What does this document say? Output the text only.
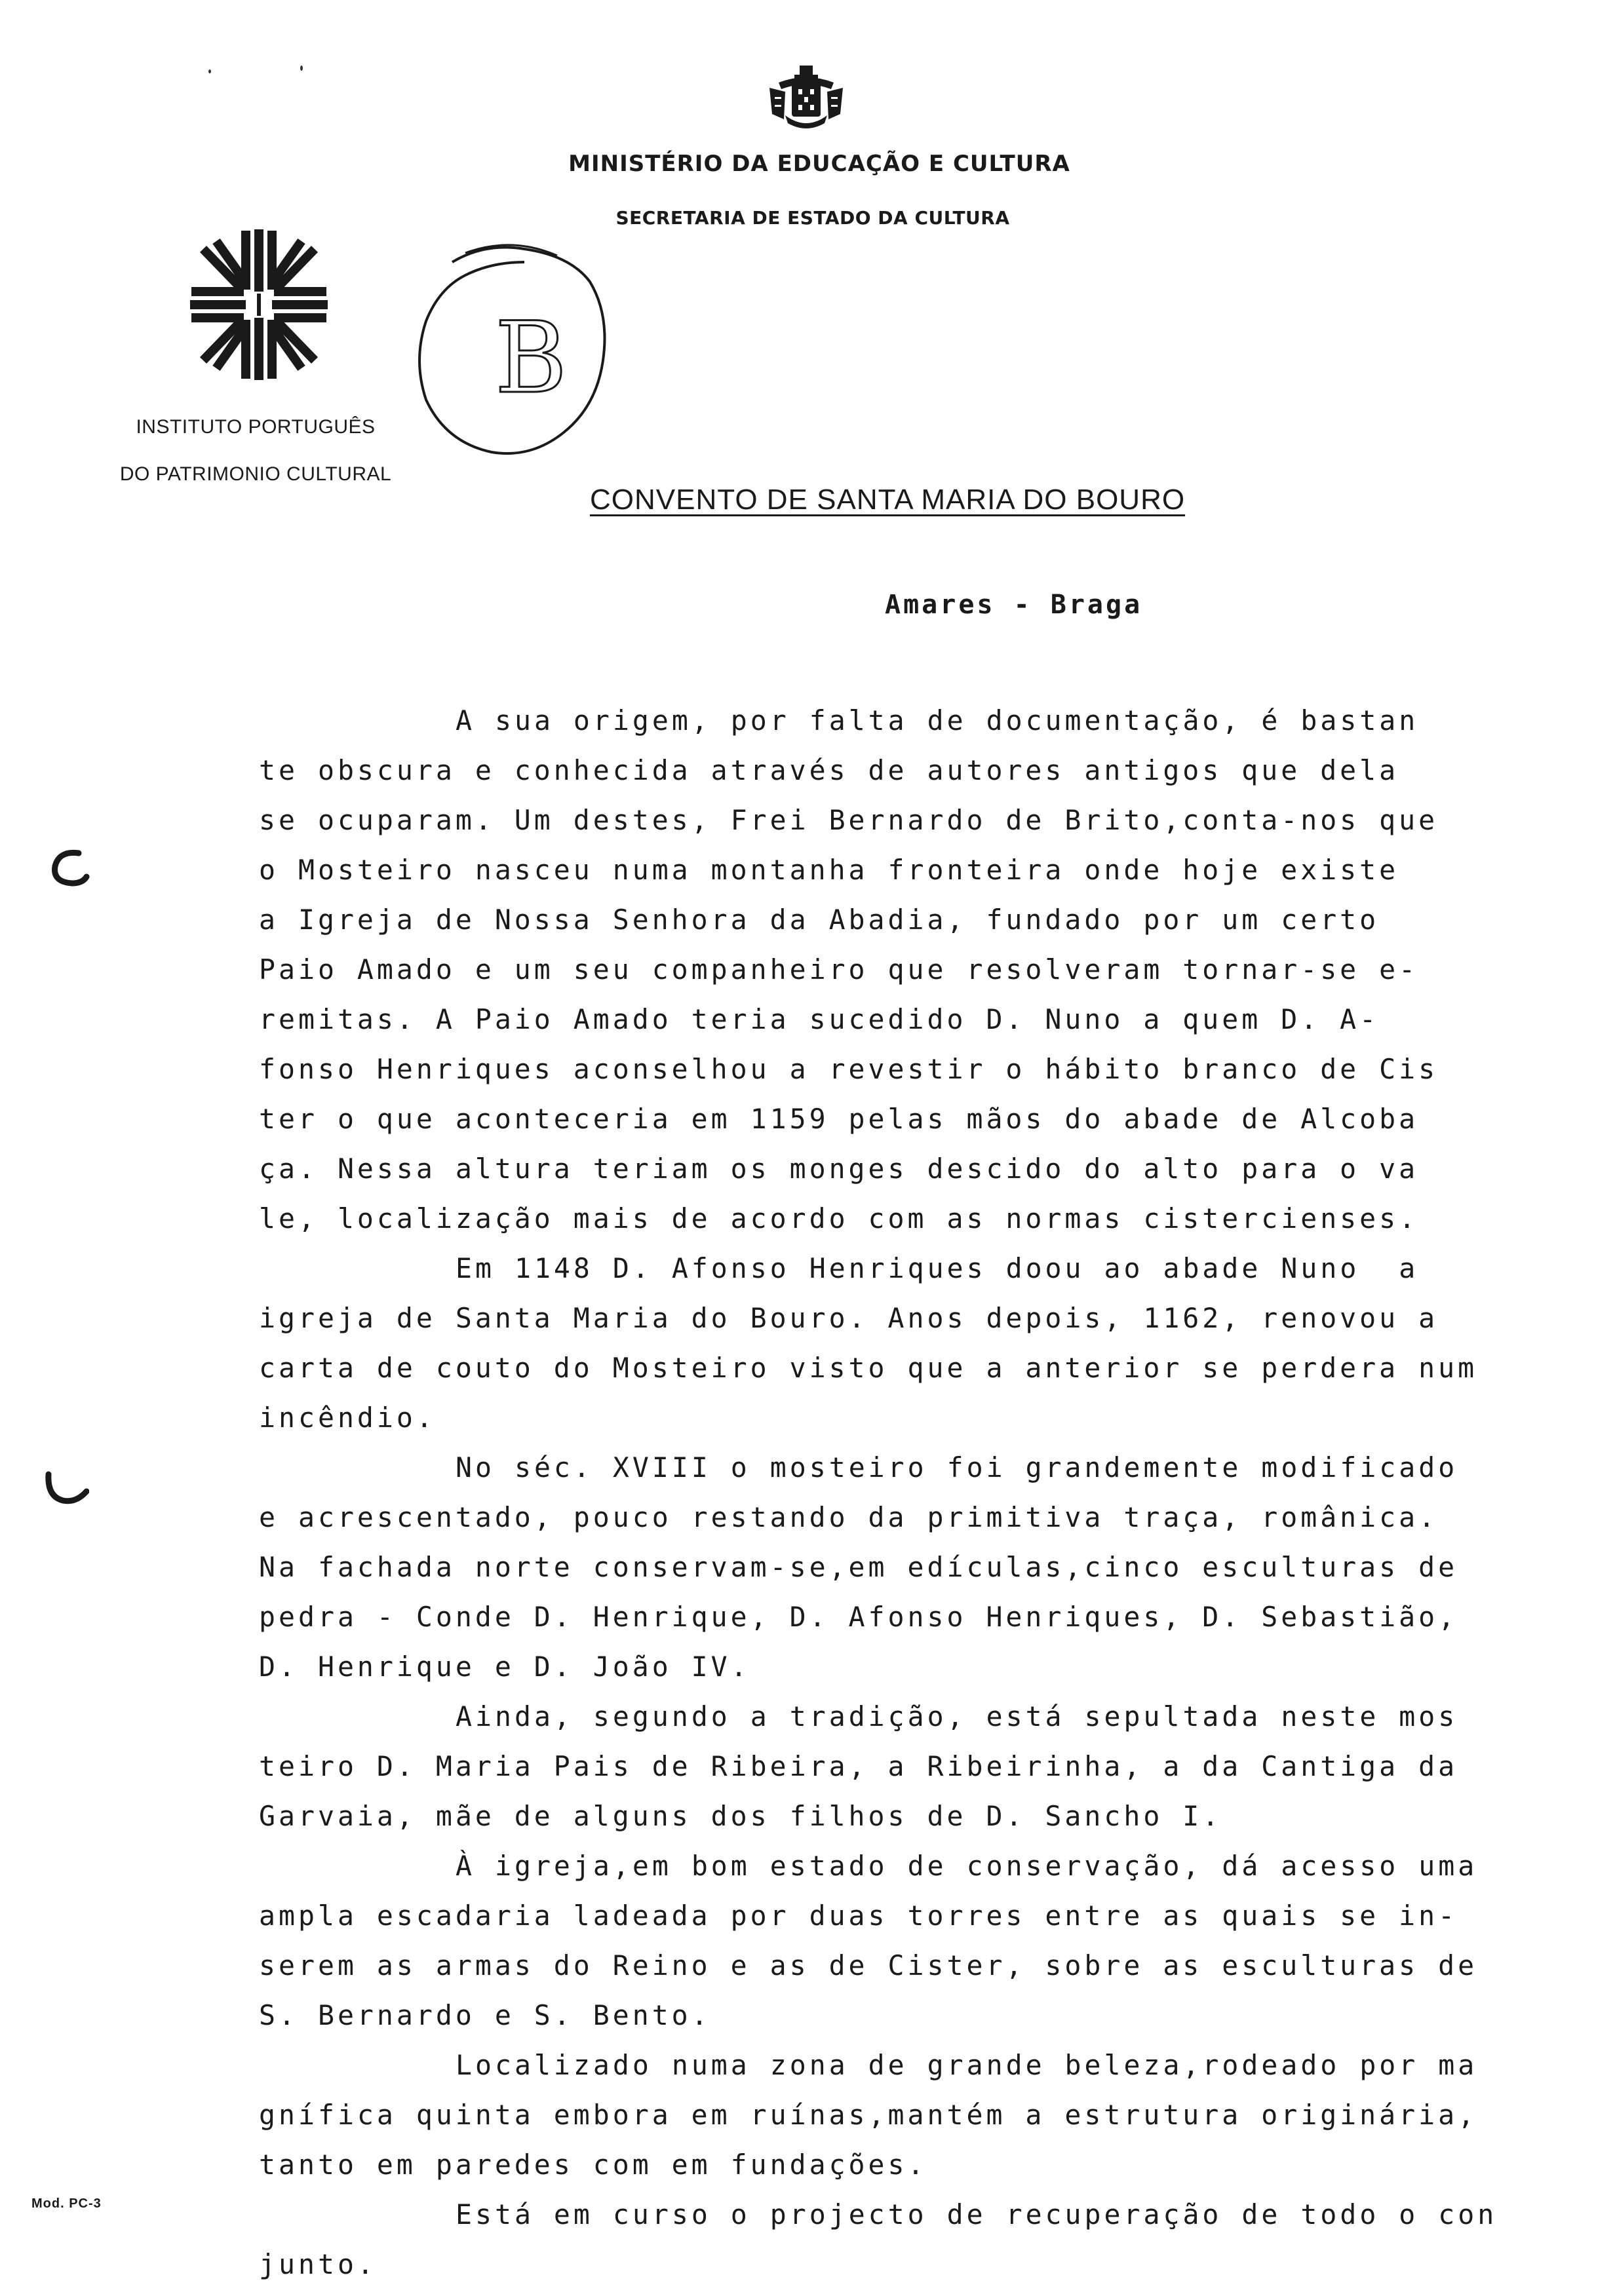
MINISTÉRIO DA EDUCAÇÃO E CULTURA
SECRETARIA DE ESTADO DA CULTURA

INSTITUTO PORTUGUÊS

DO PATRIMONIO CULTURAL

B
CONVENTO DE SANTA MARIA DO BOURO
Amares - Braga
A sua origem, por falta de documentação, é bastan
te obscura e conhecida através de autores antigos que dela
se ocuparam. Um destes, Frei Bernardo de Brito,conta-nos que
o Mosteiro nasceu numa montanha fronteira onde hoje existe
a Igreja de Nossa Senhora da Abadia, fundado por um certo
Paio Amado e um seu companheiro que resolveram tornar-se e-
remitas. A Paio Amado teria sucedido D. Nuno a quem D. A-
fonso Henriques aconselhou a revestir o hábito branco de Cis
ter o que aconteceria em 1159 pelas mãos do abade de Alcoba
ça. Nessa altura teriam os monges descido do alto para o va
le, localização mais de acordo com as normas cistercienses.
Em 1148 D. Afonso Henriques doou ao abade Nuno  a
igreja de Santa Maria do Bouro. Anos depois, 1162, renovou a
carta de couto do Mosteiro visto que a anterior se perdera num
incêndio.
No séc. XVIII o mosteiro foi grandemente modificado
e acrescentado, pouco restando da primitiva traça, românica.
Na fachada norte conservam-se,em edículas,cinco esculturas de
pedra - Conde D. Henrique, D. Afonso Henriques, D. Sebastião,
D. Henrique e D. João IV.
Ainda, segundo a tradição, está sepultada neste mos
teiro D. Maria Pais de Ribeira, a Ribeirinha, a da Cantiga da
Garvaia, mãe de alguns dos filhos de D. Sancho I.
À igreja,em bom estado de conservação, dá acesso uma
ampla escadaria ladeada por duas torres entre as quais se in-
serem as armas do Reino e as de Cister, sobre as esculturas de
S. Bernardo e S. Bento.
Localizado numa zona de grande beleza,rodeado por ma
gnífica quinta embora em ruínas,mantém a estrutura originária,
tanto em paredes com em fundações.
Está em curso o projecto de recuperação de todo o con
junto.
Mod. PC-3
